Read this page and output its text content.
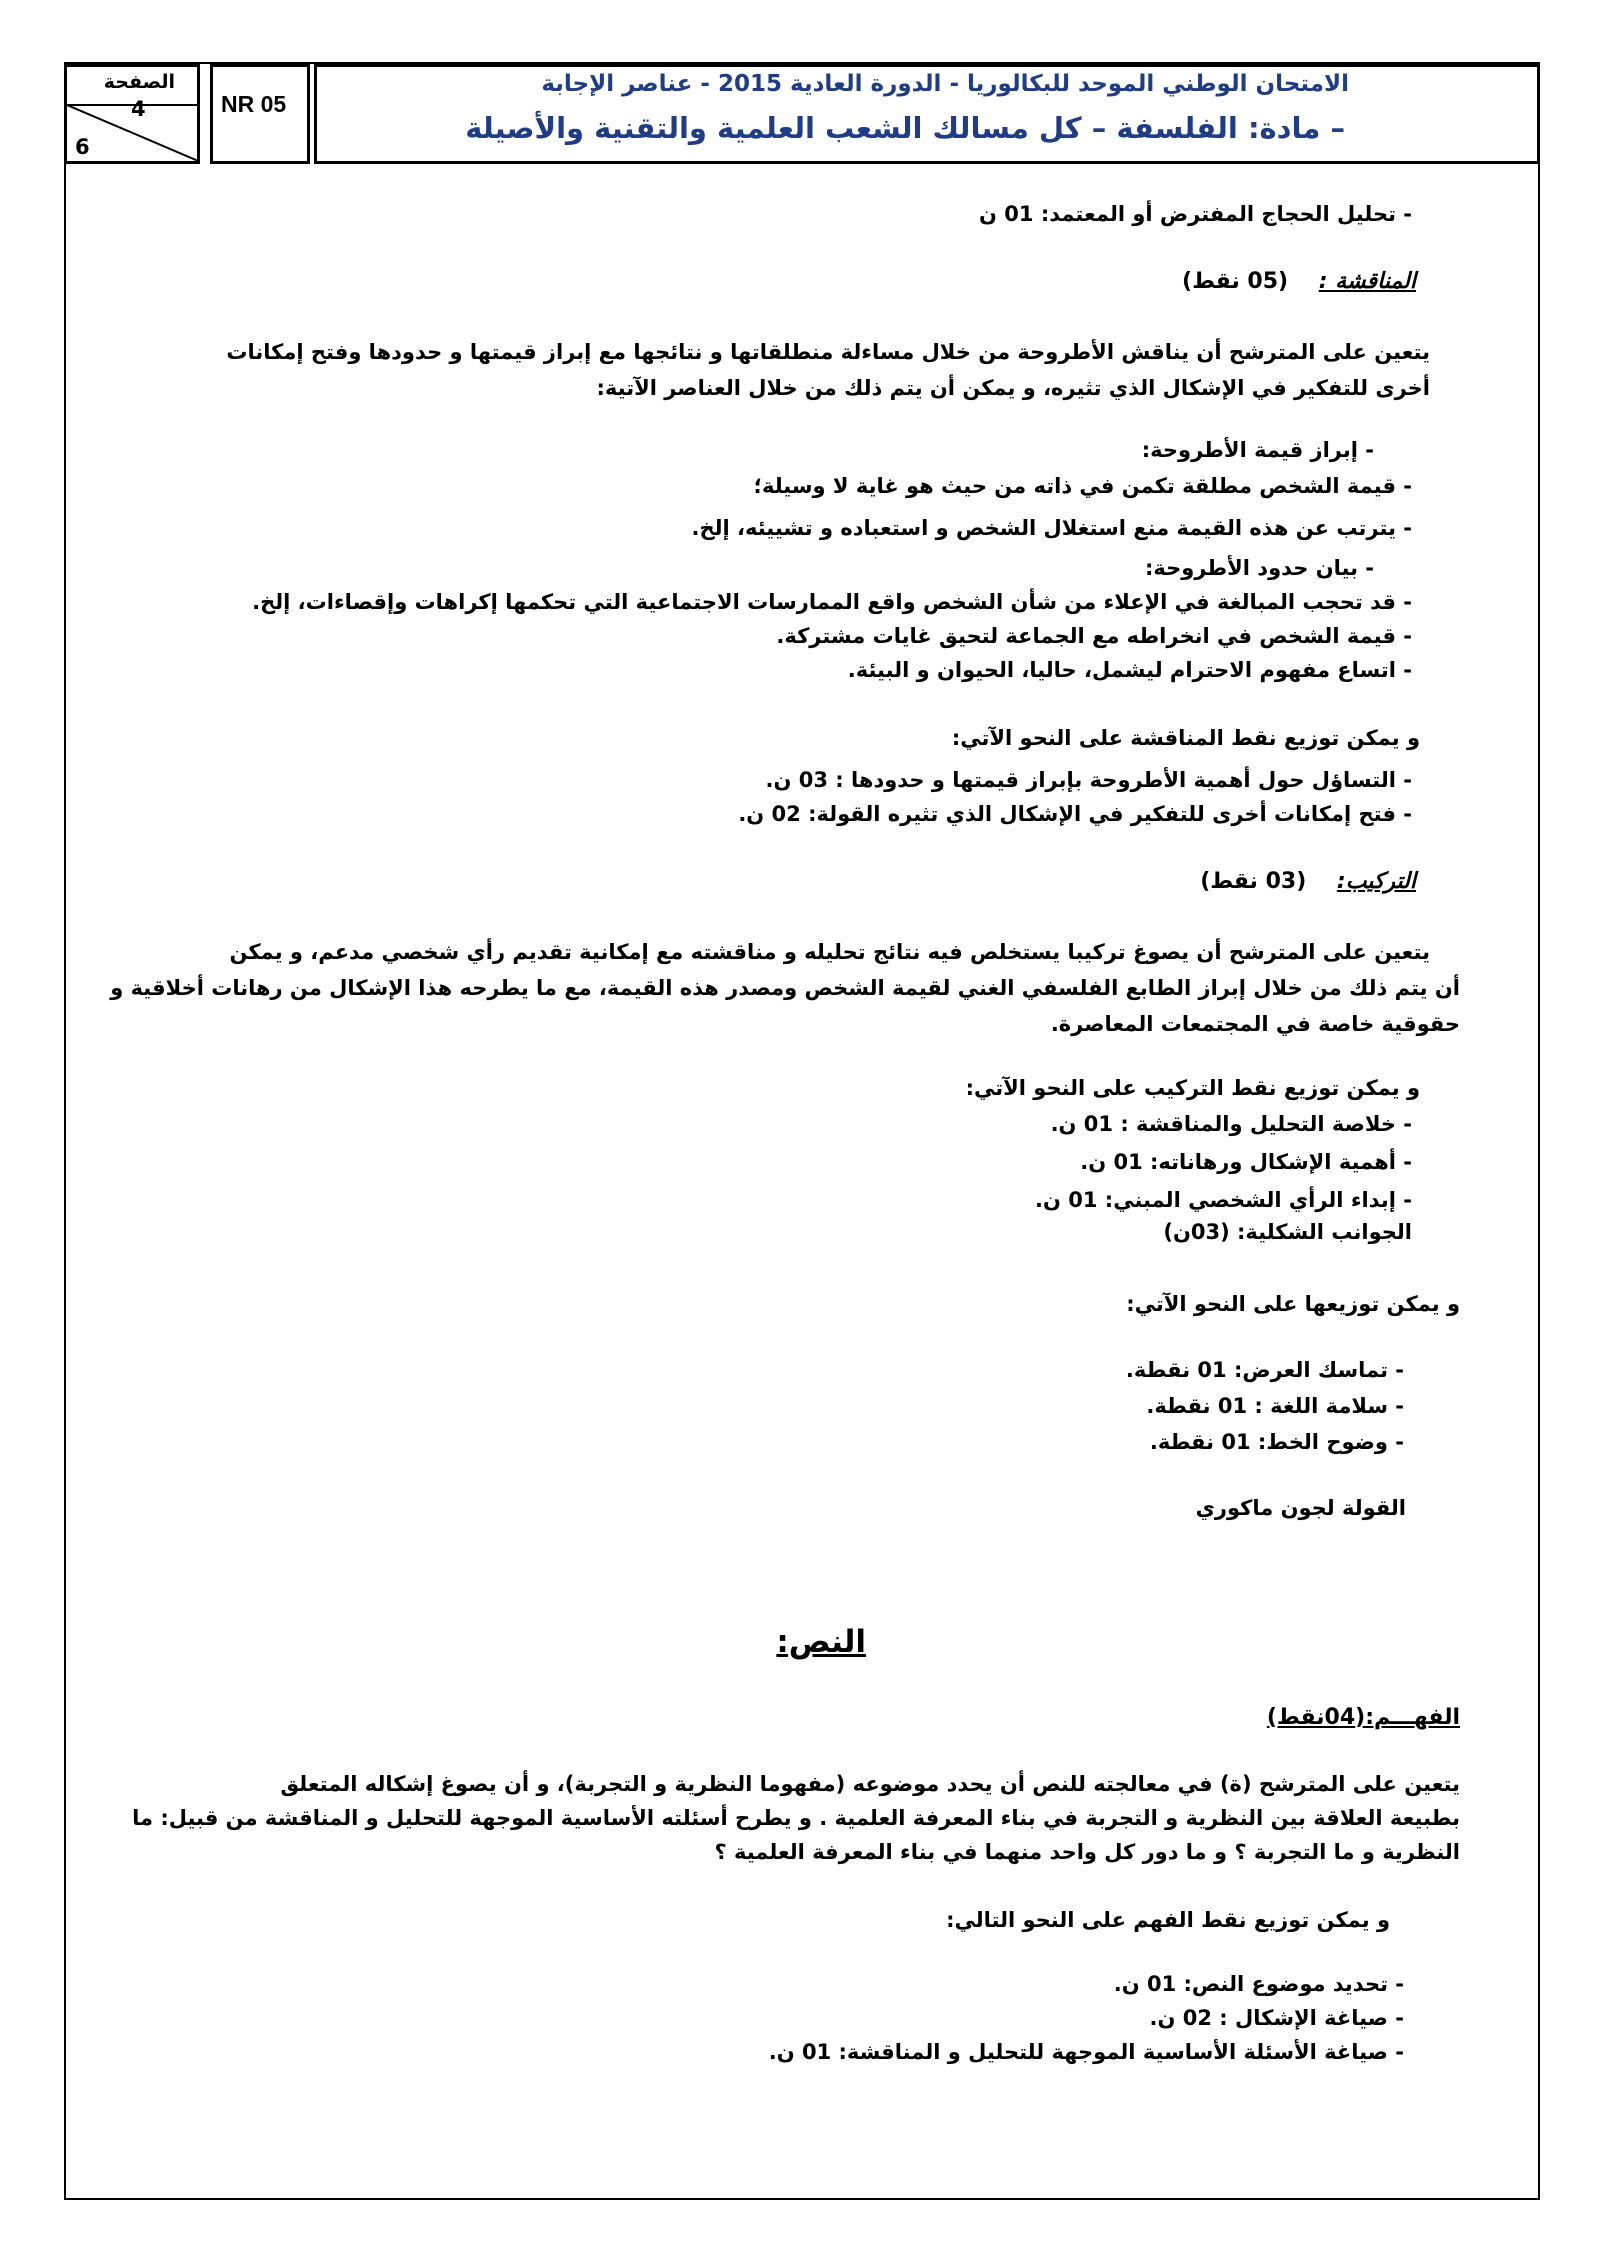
الصفحة
4
6
NR 05
الامتحان الوطني الموحد للبكالوريا - الدورة العادية 2015 - عناصر الإجابة
– مادة: الفلسفة – كل مسالك الشعب العلمية والتقنية والأصيلة
- تحليل الحجاج المفترض أو المعتمد: 01 ن
المناقشة :    (05 نقط)
يتعين على المترشح أن يناقش الأطروحة من خلال مساءلة منطلقاتها و نتائجها مع إبراز قيمتها و حدودها وفتح إمكانات
أخرى للتفكير في الإشكال الذي تثيره، و يمكن أن يتم ذلك من خلال العناصر الآتية:
- إبراز قيمة الأطروحة:
- قيمة الشخص مطلقة تكمن في ذاته من حيث هو غاية لا وسيلة؛
- يترتب عن هذه القيمة منع استغلال الشخص و استعباده و تشييئه، إلخ.
- بيان حدود الأطروحة:
- قد تحجب المبالغة في الإعلاء من شأن الشخص واقع الممارسات الاجتماعية التي تحكمها إكراهات وإقصاءات، إلخ.
- قيمة الشخص في انخراطه مع الجماعة لتحيق غايات مشتركة.
- اتساع مفهوم الاحترام ليشمل، حاليا، الحيوان و البيئة.
و يمكن توزيع نقط المناقشة على النحو الآتي:
- التساؤل حول أهمية الأطروحة بإبراز قيمتها و حدودها : 03 ن.
- فتح إمكانات أخرى للتفكير في الإشكال الذي تثيره القولة: 02 ن.
التركيب:    (03 نقط)
يتعين على المترشح أن يصوغ تركيبا يستخلص فيه نتائج تحليله و مناقشته مع إمكانية تقديم رأي شخصي مدعم، و يمكن
أن يتم ذلك من خلال إبراز الطابع الفلسفي الغني لقيمة الشخص ومصدر هذه القيمة، مع ما يطرحه هذا الإشكال من رهانات أخلاقية و
حقوقية خاصة في المجتمعات المعاصرة.
و يمكن توزيع نقط التركيب على النحو الآتي:
- خلاصة التحليل والمناقشة : 01 ن.
- أهمية الإشكال ورهاناته: 01 ن.
- إبداء الرأي الشخصي المبني: 01 ن.
الجوانب الشكلية: (03ن)
و يمكن توزيعها على النحو الآتي:
- تماسك العرض: 01 نقطة.
- سلامة اللغة : 01 نقطة.
- وضوح الخط: 01 نقطة.
القولة لجون ماكوري
النص:
الفهـــم:(04نقط)
يتعين على المترشح (ة) في معالجته للنص أن يحدد موضوعه (مفهوما النظرية و التجربة)، و أن يصوغ إشكاله المتعلق
بطبيعة العلاقة بين النظرية و التجربة في بناء المعرفة العلمية . و يطرح أسئلته الأساسية الموجهة للتحليل و المناقشة من قبيل: ما
النظرية و ما التجربة ؟ و ما دور كل واحد منهما في بناء المعرفة العلمية ؟
و يمكن توزيع نقط الفهم على النحو التالي:
- تحديد موضوع النص: 01 ن.
- صياغة الإشكال : 02 ن.
- صياغة الأسئلة الأساسية الموجهة للتحليل و المناقشة: 01 ن.
